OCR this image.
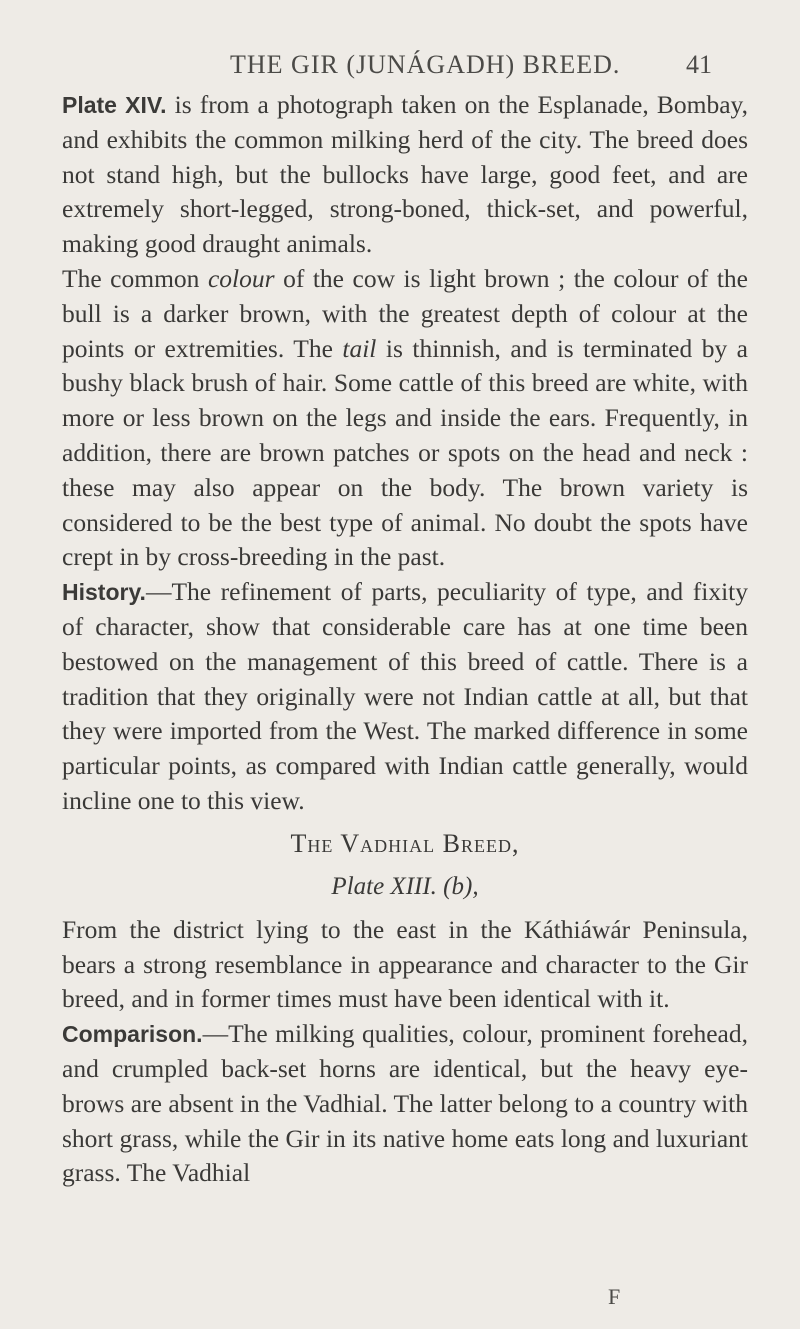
THE GIR (JUNÁGADH) BREED.	41

Plate XIV. is from a photograph taken on the Esplanade, Bombay, and exhibits the common milking herd of the city. The breed does not stand high, but the bullocks have large, good feet, and are extremely short-legged, strong-boned, thick-set, and powerful, making good draught animals.

The common colour of the cow is light brown ; the colour of the bull is a darker brown, with the greatest depth of colour at the points or extremities. The tail is thinnish, and is terminated by a bushy black brush of hair. Some cattle of this breed are white, with more or less brown on the legs and inside the ears. Frequently, in addition, there are brown patches or spots on the head and neck : these may also appear on the body. The brown variety is considered to be the best type of animal. No doubt the spots have crept in by cross-breeding in the past.

History.—The refinement of parts, peculiarity of type, and fixity of character, show that considerable care has at one time been bestowed on the management of this breed of cattle. There is a tradition that they originally were not Indian cattle at all, but that they were imported from the West. The marked difference in some particular points, as compared with Indian cattle generally, would incline one to this view.

The Vadhial Breed,
Plate XIII. (b),

From the district lying to the east in the Káthiáwár Peninsula, bears a strong resemblance in appearance and character to the Gir breed, and in former times must have been identical with it.

Comparison.—The milking qualities, colour, prominent forehead, and crumpled back-set horns are identical, but the heavy eye-brows are absent in the Vadhial. The latter belong to a country with short grass, while the Gir in its native home eats long and luxuriant grass. The Vadhial

F
